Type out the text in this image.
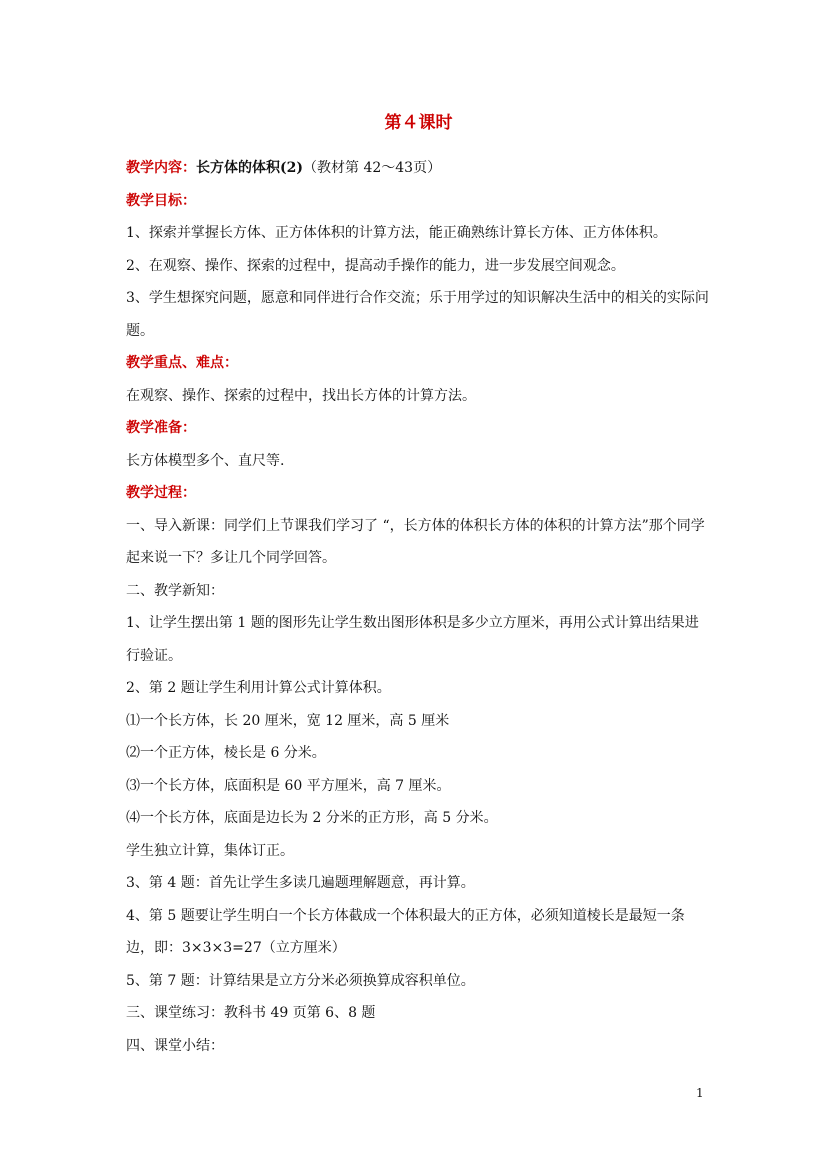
第４课时

教学内容：长方体的体积(2)（教材第 42～43页）

教学目标：

1、探索并掌握长方体、正方体体积的计算方法，能正确熟练计算长方体、正方体体积。

2、在观察、操作、探索的过程中，提高动手操作的能力，进一步发展空间观念。

3、学生想探究问题，愿意和同伴进行合作交流；乐于用学过的知识解决生活中的相关的实际问题。

教学重点、难点：

在观察、操作、探索的过程中，找出长方体的计算方法。

教学准备：

长方体模型多个、直尺等.

教学过程：

一、导入新课：同学们上节课我们学习了 “，长方体的体积长方体的体积的计算方法”那个同学起来说一下？多让几个同学回答。

二、教学新知：

1、让学生摆出第 1 题的图形先让学生数出图形体积是多少立方厘米，再用公式计算出结果进行验证。

2、第 2 题让学生利用计算公式计算体积。

⑴一个长方体，长 20 厘米，宽 12 厘米，高 5 厘米

⑵一个正方体，棱长是 6 分米。

⑶一个长方体，底面积是 60 平方厘米，高 7 厘米。

⑷一个长方体，底面是边长为 2 分米的正方形，高 5 分米。

学生独立计算，集体订正。

3、第 4 题：首先让学生多读几遍题理解题意，再计算。

4、第 5 题要让学生明白一个长方体截成一个体积最大的正方体，必须知道棱长是最短一条边，即：3×3×3=27（立方厘米）

5、第 7 题：计算结果是立方分米必须换算成容积单位。

三、课堂练习：教科书 49 页第 6、8 题

四、课堂小结：

1
